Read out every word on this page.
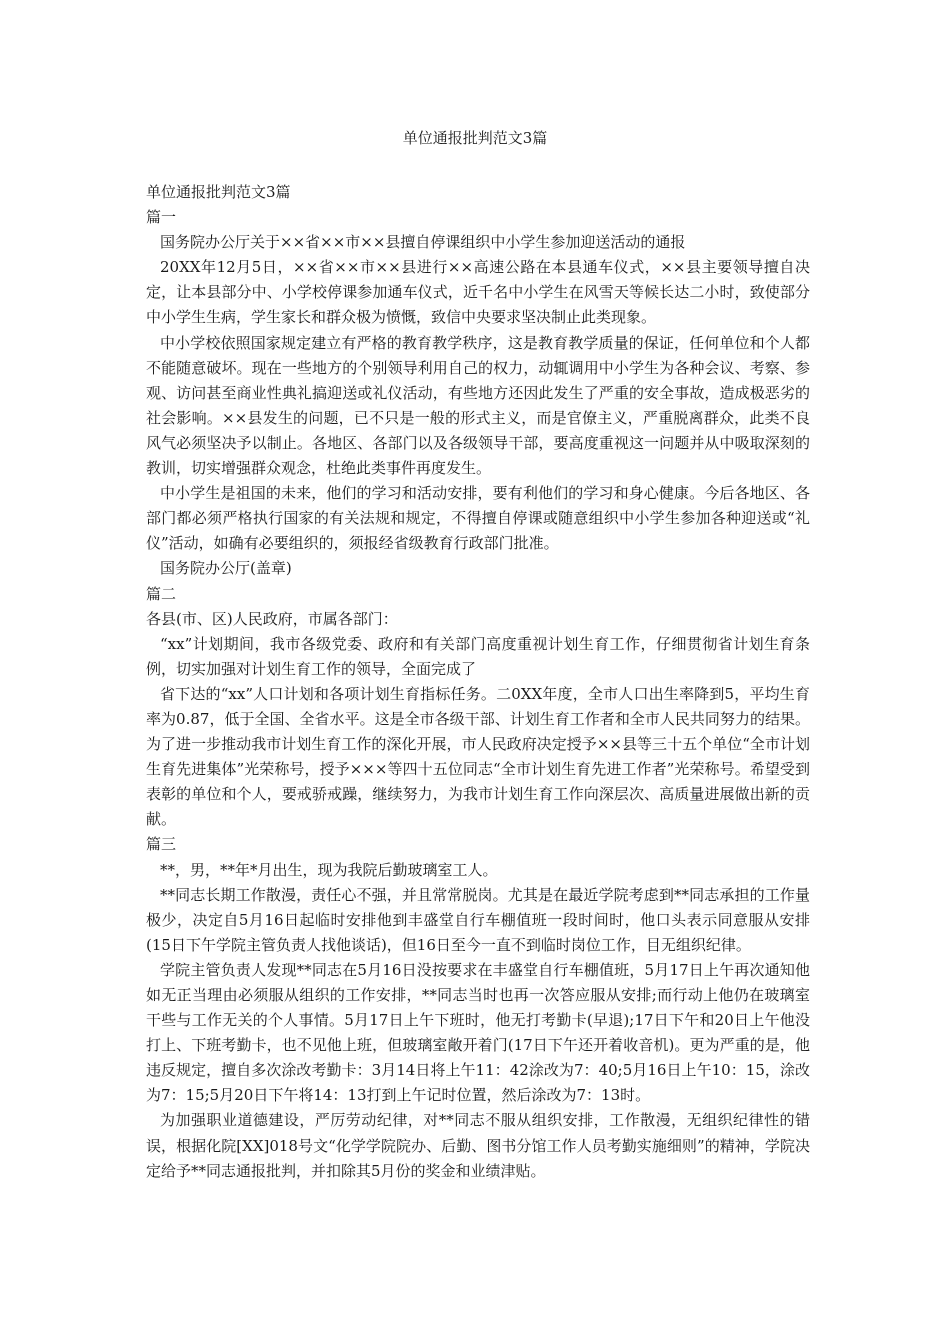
单位通报批判范文3篇

单位通报批判范文3篇

篇一

国务院办公厅关于××省××市××县擅自停课组织中小学生参加迎送活动的通报

20XX年12月5日，××省××市××县进行××高速公路在本县通车仪式，××县主要领导擅自决定，让本县部分中、小学校停课参加通车仪式，近千名中小学生在风雪天等候长达二小时，致使部分中小学生生病，学生家长和群众极为愤慨，致信中央要求坚决制止此类现象。

中小学校依照国家规定建立有严格的教育教学秩序，这是教育教学质量的保证，任何单位和个人都不能随意破坏。现在一些地方的个别领导利用自己的权力，动辄调用中小学生为各种会议、考察、参观、访问甚至商业性典礼搞迎送或礼仪活动，有些地方还因此发生了严重的安全事故，造成极恶劣的社会影响。××县发生的问题，已不只是一般的形式主义，而是官僚主义，严重脱离群众，此类不良风气必须坚决予以制止。各地区、各部门以及各级领导干部，要高度重视这一问题并从中吸取深刻的教训，切实增强群众观念，杜绝此类事件再度发生。

中小学生是祖国的未来，他们的学习和活动安排，要有利他们的学习和身心健康。今后各地区、各部门都必须严格执行国家的有关法规和规定，不得擅自停课或随意组织中小学生参加各种迎送或“礼仪”活动，如确有必要组织的，须报经省级教育行政部门批准。

国务院办公厅(盖章)

篇二

各县(市、区)人民政府，市属各部门：

“xx”计划期间，我市各级党委、政府和有关部门高度重视计划生育工作，仔细贯彻省计划生育条例，切实加强对计划生育工作的领导，全面完成了

省下达的“xx”人口计划和各项计划生育指标任务。二0XX年度，全市人口出生率降到5，平均生育率为0.87，低于全国、全省水平。这是全市各级干部、计划生育工作者和全市人民共同努力的结果。为了进一步推动我市计划生育工作的深化开展，市人民政府决定授予××县等三十五个单位“全市计划生育先进集体”光荣称号，授予×××等四十五位同志“全市计划生育先进工作者”光荣称号。希望受到表彰的单位和个人，要戒骄戒躁，继续努力，为我市计划生育工作向深层次、高质量进展做出新的贡献。

篇三

**，男，**年*月出生，现为我院后勤玻璃室工人。

**同志长期工作散漫，责任心不强，并且常常脱岗。尤其是在最近学院考虑到**同志承担的工作量极少，决定自5月16日起临时安排他到丰盛堂自行车棚值班一段时间时，他口头表示同意服从安排(15日下午学院主管负责人找他谈话)，但16日至今一直不到临时岗位工作，目无组织纪律。

学院主管负责人发现**同志在5月16日没按要求在丰盛堂自行车棚值班，5月17日上午再次通知他如无正当理由必须服从组织的工作安排，**同志当时也再一次答应服从安排;而行动上他仍在玻璃室干些与工作无关的个人事情。5月17日上午下班时，他无打考勤卡(早退);17日下午和20日上午他没打上、下班考勤卡，也不见他上班，但玻璃室敞开着门(17日下午还开着收音机)。更为严重的是，他违反规定，擅自多次涂改考勤卡：3月14日将上午11：42涂改为7：40;5月16日上午10：15，涂改为7：15;5月20日下午将14：13打到上午记时位置，然后涂改为7：13时。

为加强职业道德建设，严厉劳动纪律，对**同志不服从组织安排，工作散漫，无组织纪律性的错误，根据化院[XX]018号文“化学学院院办、后勤、图书分馆工作人员考勤实施细则”的精神，学院决定给予**同志通报批判，并扣除其5月份的奖金和业绩津贴。
